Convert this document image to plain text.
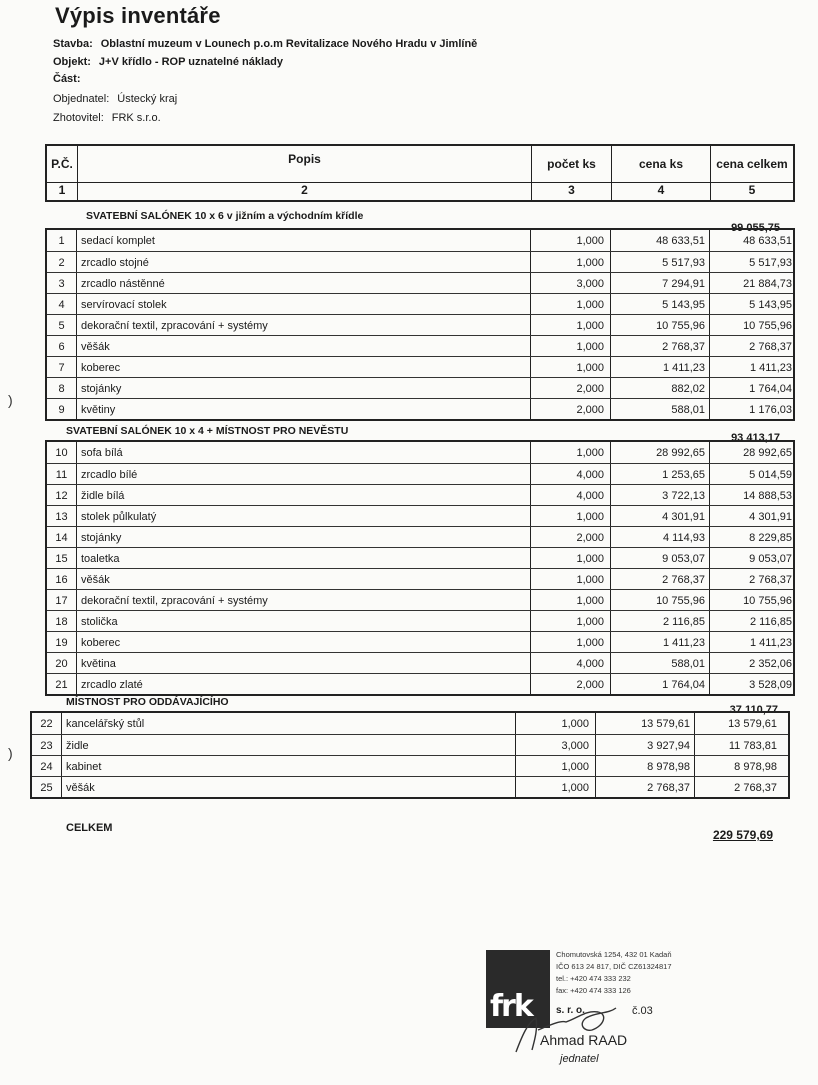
Výpis inventáře
Stavba: Oblastní muzeum v Lounech p.o.m Revitalizace Nového Hradu v Jimlíně
Objekt: J+V křídlo - ROP uznatelné náklady
Část:
Objednatel: Ústecký kraj
Zhotovitel: FRK s.r.o.
P.Č.	Popis	počet ks	cena ks	cena celkem
1	2	3	4	5
SVATEBNÍ SALÓNEK 10 x 6 v jižním a východním křídle
99 055,75
1	sedací komplet	1,000	48 633,51	48 633,51
2	zrcadlo stojné	1,000	5 517,93	5 517,93
3	zrcadlo nástěnné	3,000	7 294,91	21 884,73
4	servírovací stolek	1,000	5 143,95	5 143,95
5	dekorační textil, zpracování + systémy	1,000	10 755,96	10 755,96
6	věšák	1,000	2 768,37	2 768,37
7	koberec	1,000	1 411,23	1 411,23
8	stojánky	2,000	882,02	1 764,04
9	květiny	2,000	588,01	1 176,03
SVATEBNÍ SALÓNEK 10 x 4 + MÍSTNOST PRO NEVĚSTU
93 413,17
10	sofa bílá	1,000	28 992,65	28 992,65
11	zrcadlo bílé	4,000	1 253,65	5 014,59
12	židle bílá	4,000	3 722,13	14 888,53
13	stolek půlkulatý	1,000	4 301,91	4 301,91
14	stojánky	2,000	4 114,93	8 229,85
15	toaletka	1,000	9 053,07	9 053,07
16	věšák	1,000	2 768,37	2 768,37
17	dekorační textil, zpracování + systémy	1,000	10 755,96	10 755,96
18	stolička	1,000	2 116,85	2 116,85
19	koberec	1,000	1 411,23	1 411,23
20	květina	4,000	588,01	2 352,06
21	zrcadlo zlaté	2,000	1 764,04	3 528,09
MÍSTNOST PRO ODDÁVAJÍCÍHO
37 110,77
22	kancelářský stůl	1,000	13 579,61	13 579,61
23	židle	3,000	3 927,94	11 783,81
24	kabinet	1,000	8 978,98	8 978,98
25	věšák	1,000	2 768,37	2 768,37
)
)
CELKEM	229 579,69
frk
Chomutovská 1254, 432 01 Kadaň
IČO 613 24 817, DIČ CZ61324817
tel.: +420 474 333 232
fax: +420 474 333 126
s. r. o.	č.03
Ahmad RAAD
jednatel
